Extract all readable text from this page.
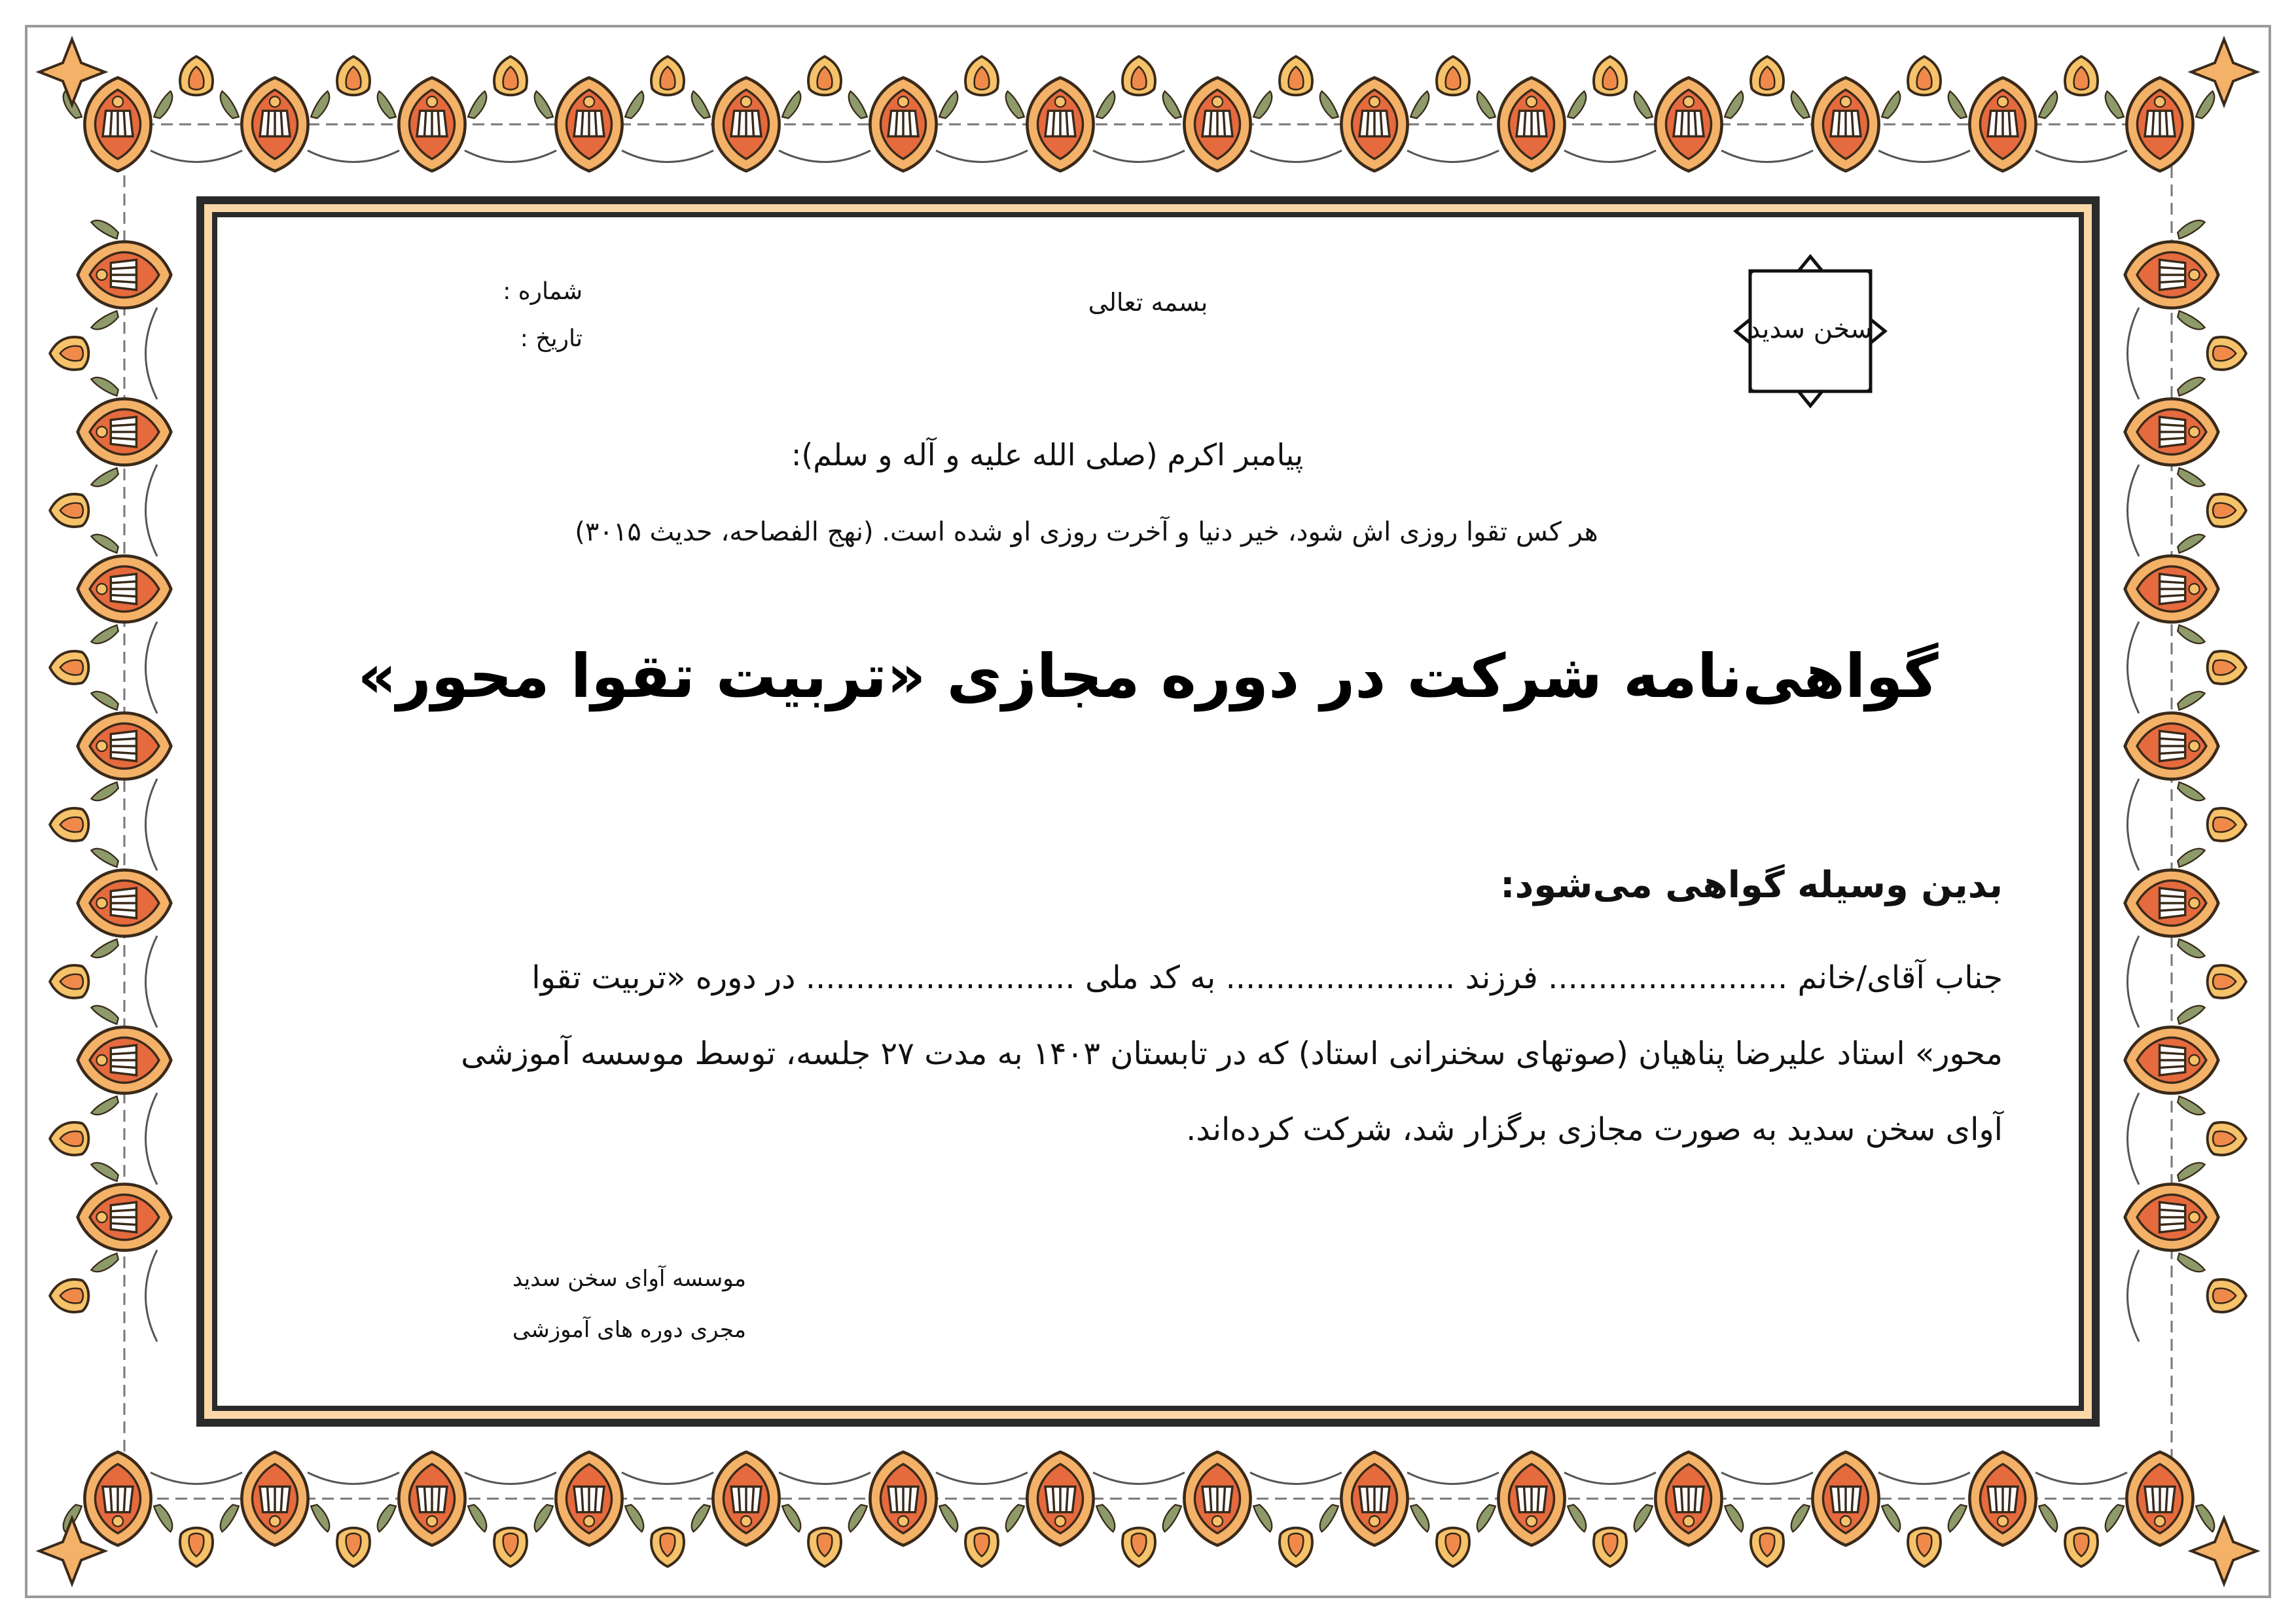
شماره :
تاریخ :
بسمه تعالی
سخن سدید
پیامبر اکرم (صلی الله علیه و آله و سلم):
هر کس تقوا روزی اش شود، خیر دنیا و آخرت روزی او شده است. (نهج الفصاحه، حدیث ۳۰۱۵)
گواهی‌نامه شرکت در دوره مجازی «تربیت تقوا محور»
بدین وسیله گواهی می‌شود:

جناب آقای/خانم ........................ فرزند ....................... به کد ملی ........................... در دوره «تربیت تقوا

محور» استاد علیرضا پناهیان (صوتهای سخنرانی استاد) که در تابستان ۱۴۰۳ به مدت ۲۷ جلسه، توسط موسسه آموزشی

آوای سخن سدید به صورت مجازی برگزار شد، شرکت کرده‌اند.

موسسه آوای سخن سدید
مجری دوره های آموزشی
